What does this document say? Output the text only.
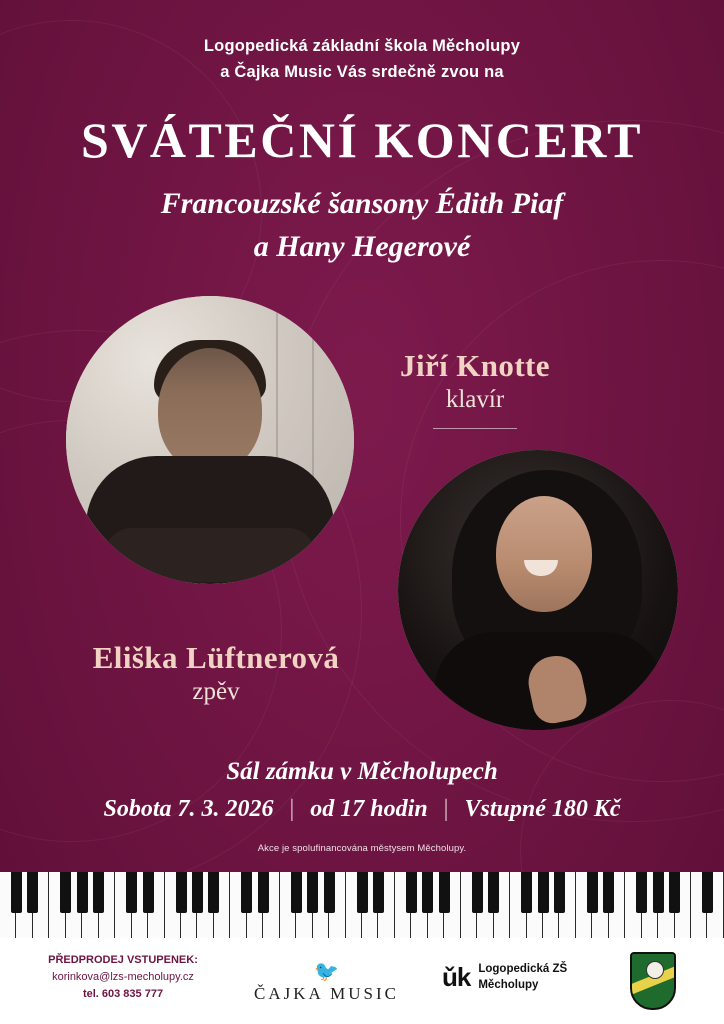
Logopedická základní škola Měcholupy
a Čajka Music Vás srdečně zvou na
SVÁTEČNÍ KONCERT
Francouzské šansony Édith Piaf
a Hany Hegerové
Jiří Knotte
klavír
Eliška Lüftnerová
zpěv
Sál zámku v Měcholupech
Sobota 7. 3. 2026 | od 17 hodin | Vstupné 180 Kč
Akce je spolufinancována městysem Měcholupy.
PŘEDPRODEJ VSTUPENEK:
korinkova@lzs-mecholupy.cz
tel. 603 835 777
🐦
ČAJKA MUSIC
ǔk Logopedická ZŠ
Měcholupy
